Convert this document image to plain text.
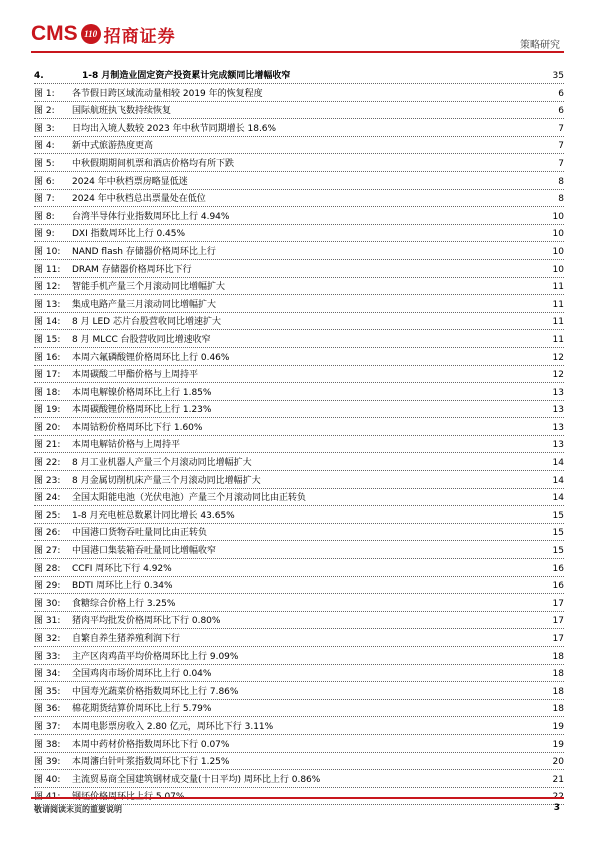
CMS 110 招商证券	策略研究
4.	1-8 月制造业固定资产投资累计完成额同比增幅收窄	35
图 1:	各节假日跨区域流动量相较 2019 年的恢复程度	6
图 2:	国际航班执飞数持续恢复	6
图 3:	日均出入境人数较 2023 年中秋节同期增长 18.6%	7
图 4:	新中式旅游热度更高	7
图 5:	中秋假期期间机票和酒店价格均有所下跌	7
图 6:	2024 年中秋档票房略显低迷	8
图 7:	2024 年中秋档总出票量处在低位	8
图 8:	台湾半导体行业指数周环比上行 4.94%	10
图 9:	DXI 指数周环比上行 0.45%	10
图 10:	NAND flash 存储器价格周环比上行	10
图 11:	DRAM 存储器价格周环比下行	10
图 12:	智能手机产量三个月滚动同比增幅扩大	11
图 13:	集成电路产量三月滚动同比增幅扩大	11
图 14:	8 月 LED 芯片台股营收同比增速扩大	11
图 15:	8 月 MLCC 台股营收同比增速收窄	11
图 16:	本周六氟磷酸锂价格周环比上行 0.46%	12
图 17:	本周碳酸二甲酯价格与上周持平	12
图 18:	本周电解镍价格周环比上行 1.85%	13
图 19:	本周碳酸锂价格周环比上行 1.23%	13
图 20:	本周钴粉价格周环比下行 1.60%	13
图 21:	本周电解钴价格与上周持平	13
图 22:	8 月工业机器人产量三个月滚动同比增幅扩大	14
图 23:	8 月金属切削机床产量三个月滚动同比增幅扩大	14
图 24:	全国太阳能电池（光伏电池）产量三个月滚动同比由正转负	14
图 25:	1-8 月充电桩总数累计同比增长 43.65%	15
图 26:	中国港口货物吞吐量同比由正转负	15
图 27:	中国港口集装箱吞吐量同比增幅收窄	15
图 28:	CCFI 周环比下行 4.92%	16
图 29:	BDTI 周环比上行 0.34%	16
图 30:	食糖综合价格上行 3.25%	17
图 31:	猪肉平均批发价格周环比下行 0.80%	17
图 32:	自繁自养生猪养殖利润下行	17
图 33:	主产区肉鸡苗平均价格周环比上行 9.09%	18
图 34:	全国鸡肉市场价周环比上行 0.04%	18
图 35:	中国寿光蔬菜价格指数周环比上行 7.86%	18
图 36:	棉花期货结算价周环比上行 5.79%	18
图 37:	本周电影票房收入 2.80 亿元，周环比下行 3.11%	19
图 38:	本周中药材价格指数周环比下行 0.07%	19
图 39:	本周瀋白针叶浆指数周环比下行 1.25%	20
图 40:	主流贸易商全国建筑钢材成交量(十日平均) 周环比上行 0.86%	21
敬请阅读末页的重要说明	3
